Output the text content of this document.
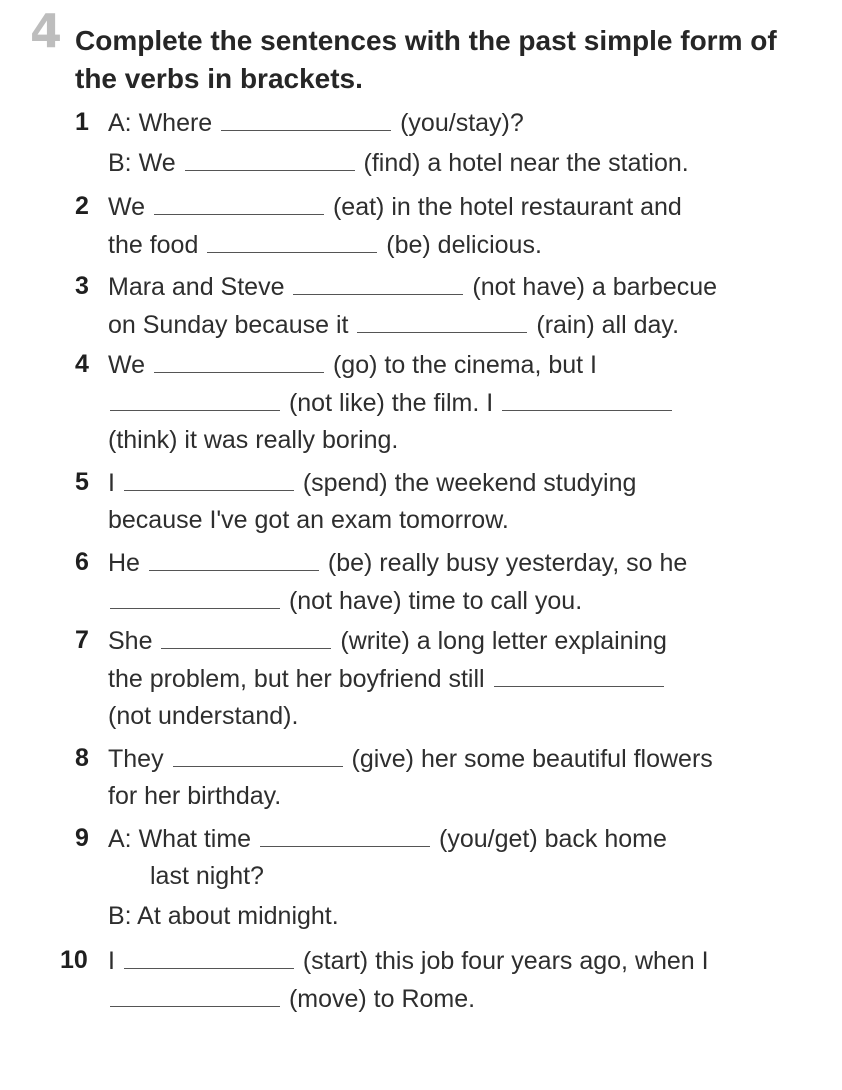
4 Complete the sentences with the past simple form of the verbs in brackets.
1 A: Where	(you/stay)?
B: We	(find) a hotel near the station.
2 We	(eat) in the hotel restaurant and
the food	(be) delicious.
3 Mara and Steve	(not have) a barbecue
on Sunday because it	(rain) all day.
4 We	(go) to the cinema, but I
(not like) the film. I
(think) it was really boring.
5 I	(spend) the weekend studying
because I've got an exam tomorrow.
6 He	(be) really busy yesterday, so he
(not have) time to call you.
7 She	(write) a long letter explaining
the problem, but her boyfriend still
(not understand).
8 They	(give) her some beautiful flowers
for her birthday.
9 A: What time	(you/get) back home
last night?
B: At about midnight.
10 I	(start) this job four years ago, when I
(move) to Rome.
